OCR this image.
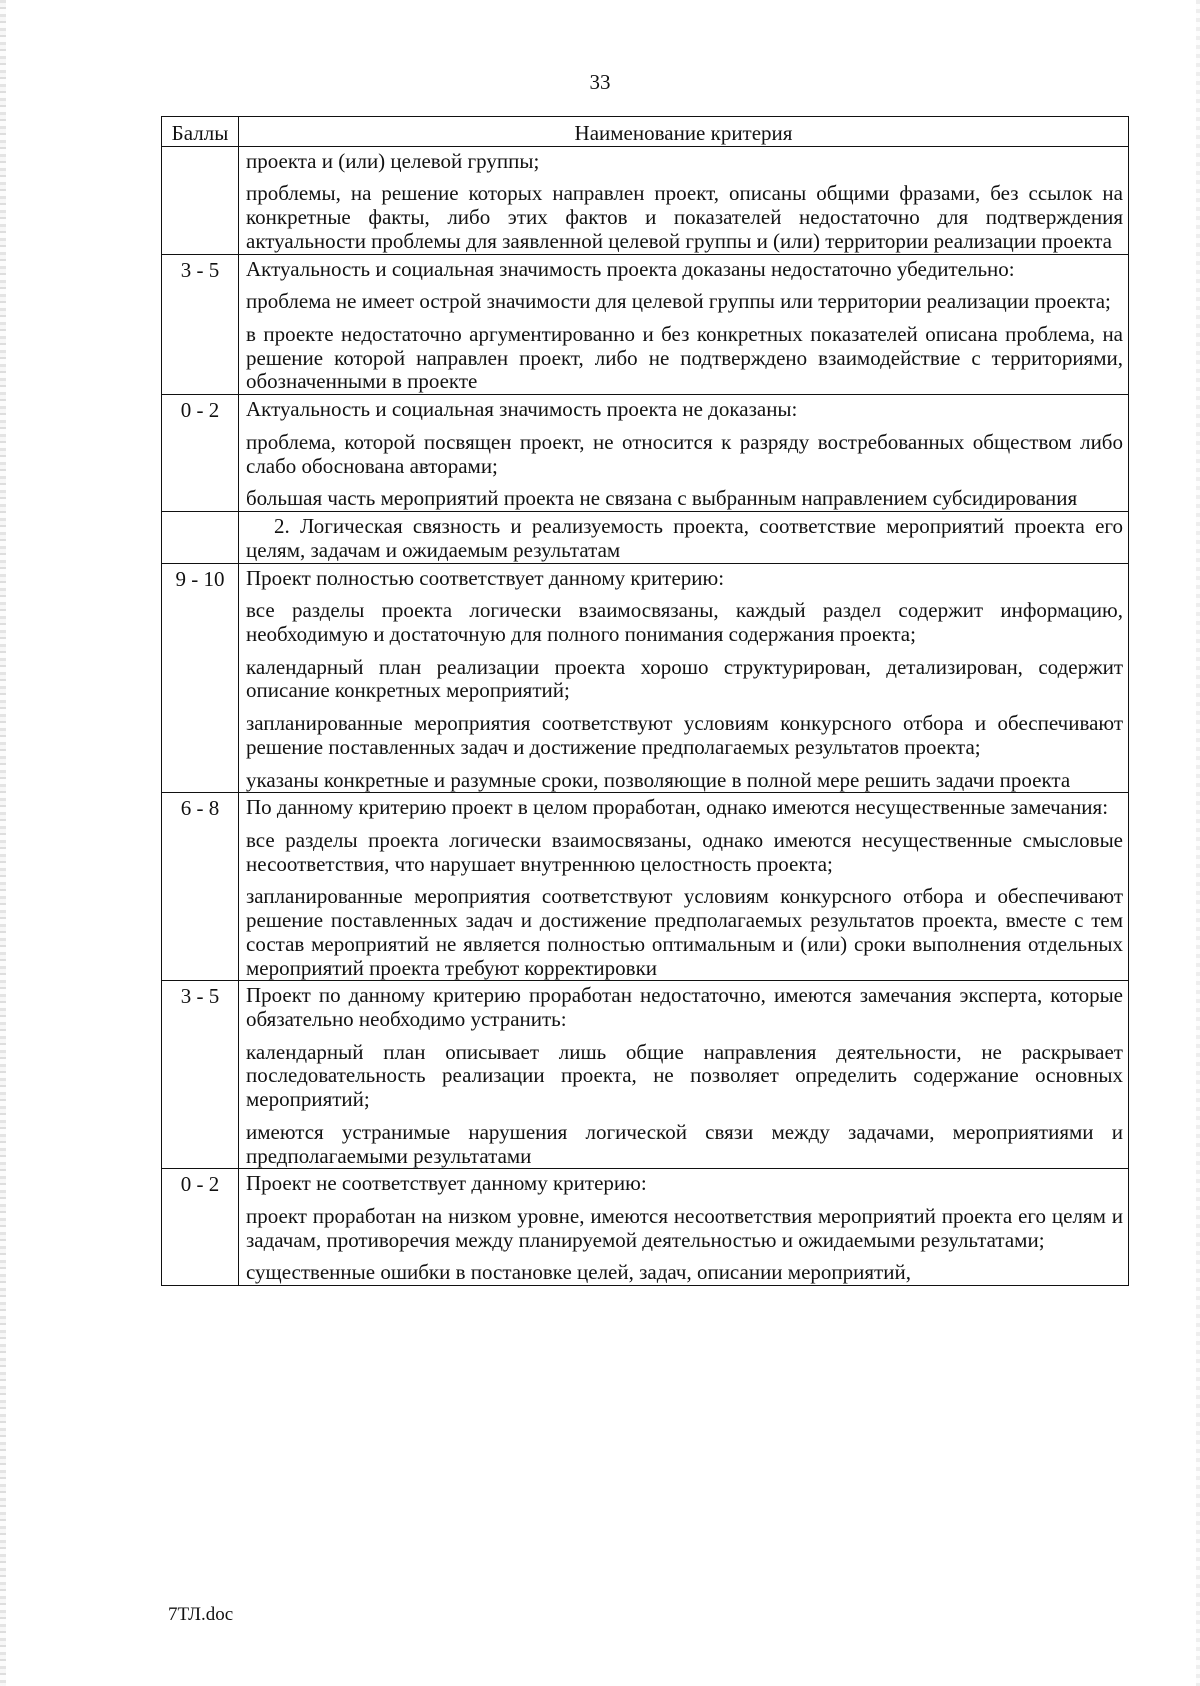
33
Баллы	Наименование критерия

	проекта и (или) целевой группы;
проблемы, на решение которых направлен проект, описаны общими фразами, без ссылок на конкретные факты, либо этих фактов и показателей недостаточно для подтверждения актуальности проблемы для заявленной целевой группы и (или) территории реализации проекта

3 - 5	Актуальность и социальная значимость проекта доказаны недостаточно убедительно:
проблема не имеет острой значимости для целевой группы или территории реализации проекта;
в проекте недостаточно аргументированно и без конкретных показателей описана проблема, на решение которой направлен проект, либо не подтверждено взаимодействие с территориями, обозначенными в проекте

0 - 2	Актуальность и социальная значимость проекта не доказаны:
проблема, которой посвящен проект, не относится к разряду востребованных обществом либо слабо обоснована авторами;
большая часть мероприятий проекта не связана с выбранным направлением субсидирования

	2. Логическая связность и реализуемость проекта, соответствие мероприятий проекта его целям, задачам и ожидаемым результатам

9 - 10	Проект полностью соответствует данному критерию:
все разделы проекта логически взаимосвязаны, каждый раздел содержит информацию, необходимую и достаточную для полного понимания содержания проекта;
календарный план реализации проекта хорошо структурирован, детализирован, содержит описание конкретных мероприятий;
запланированные мероприятия соответствуют условиям конкурсного отбора и обеспечивают решение поставленных задач и достижение предполагаемых результатов проекта;
указаны конкретные и разумные сроки, позволяющие в полной мере решить задачи проекта

6 - 8	По данному критерию проект в целом проработан, однако имеются несущественные замечания:
все разделы проекта логически взаимосвязаны, однако имеются несущественные смысловые несоответствия, что нарушает внутреннюю целостность проекта;
запланированные мероприятия соответствуют условиям конкурсного отбора и обеспечивают решение поставленных задач и достижение предполагаемых результатов проекта, вместе с тем состав мероприятий не является полностью оптимальным и (или) сроки выполнения отдельных мероприятий проекта требуют корректировки

3 - 5	Проект по данному критерию проработан недостаточно, имеются замечания эксперта, которые обязательно необходимо устранить:
календарный план описывает лишь общие направления деятельности, не раскрывает последовательность реализации проекта, не позволяет определить содержание основных мероприятий;
имеются устранимые нарушения логической связи между задачами, мероприятиями и предполагаемыми результатами

0 - 2	Проект не соответствует данному критерию:
проект проработан на низком уровне, имеются несоответствия мероприятий проекта его целям и задачам, противоречия между планируемой деятельностью и ожидаемыми результатами;
существенные ошибки в постановке целей, задач, описании мероприятий,
7ТЛ.doc
